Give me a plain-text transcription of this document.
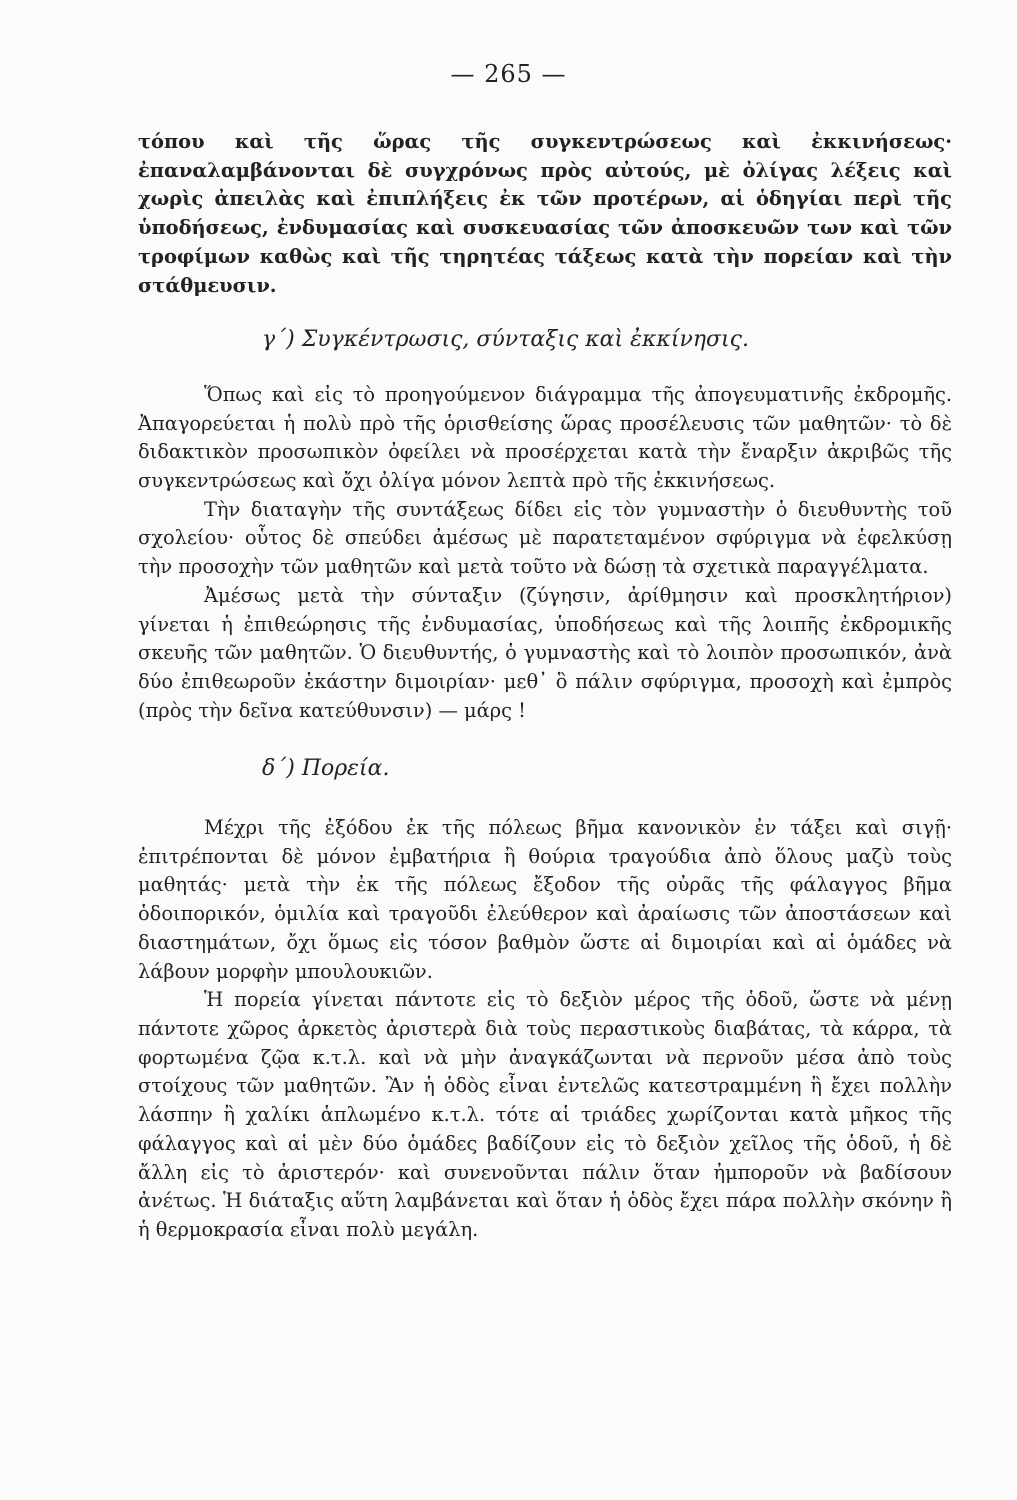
— 265 —

τόπου καὶ τῆς ὥρας τῆς συγκεντρώσεως καὶ ἐκκινήσεως· ἐπαναλαμβάνονται δὲ συγχρόνως πρὸς αὐτούς, μὲ ὀλίγας λέξεις καὶ χωρὶς ἀπειλὰς καὶ ἐπιπλήξεις ἐκ τῶν προτέρων, αἱ ὁδηγίαι περὶ τῆς ὑποδήσεως, ἐνδυμασίας καὶ συσκευασίας τῶν ἀποσκευῶν των καὶ τῶν τροφίμων καθὼς καὶ τῆς τηρητέας τάξεως κατὰ τὴν πορείαν καὶ τὴν στάθμευσιν.

γ΄) Συγκέντρωσις, σύνταξις καὶ ἐκκίνησις.

Ὅπως καὶ εἰς τὸ προηγούμενον διάγραμμα τῆς ἀπογευματινῆς ἐκδρομῆς. Ἀπαγορεύεται ἡ πολὺ πρὸ τῆς ὁρισθείσης ὥρας προσέλευσις τῶν μαθητῶν· τὸ δὲ διδακτικὸν προσωπικὸν ὀφείλει νὰ προσέρχεται κατὰ τὴν ἔναρξιν ἀκριβῶς τῆς συγκεντρώσεως καὶ ὄχι ὀλίγα μόνον λεπτὰ πρὸ τῆς ἐκκινήσεως.

Τὴν διαταγὴν τῆς συντάξεως δίδει εἰς τὸν γυμναστὴν ὁ διευθυντὴς τοῦ σχολείου· οὗτος δὲ σπεύδει ἀμέσως μὲ παρατεταμένον σφύριγμα νὰ ἑφελκύσῃ τὴν προσοχὴν τῶν μαθητῶν καὶ μετὰ τοῦτο νὰ δώσῃ τὰ σχετικὰ παραγγέλματα.

Ἀμέσως μετὰ τὴν σύνταξιν (ζύγησιν, ἀρίθμησιν καὶ προσκλητήριον) γίνεται ἡ ἐπιθεώρησις τῆς ἐνδυμασίας, ὑποδήσεως καὶ τῆς λοιπῆς ἐκδρομικῆς σκευῆς τῶν μαθητῶν. Ὁ διευθυντής, ὁ γυμναστὴς καὶ τὸ λοιπὸν προσωπικόν, ἀνὰ δύο ἐπιθεωροῦν ἑκάστην διμοιρίαν· μεθ᾿ ὃ πάλιν σφύριγμα, προσοχὴ καὶ ἐμπρὸς (πρὸς τὴν δεῖνα κατεύθυνσιν) — μάρς !

δ΄) Πορεία.

Μέχρι τῆς ἐξόδου ἐκ τῆς πόλεως βῆμα κανονικὸν ἐν τάξει καὶ σιγῇ· ἐπιτρέπονται δὲ μόνον ἐμβατήρια ἢ θούρια τραγούδια ἀπὸ ὅλους μαζὺ τοὺς μαθητάς· μετὰ τὴν ἐκ τῆς πόλεως ἔξοδον τῆς οὐρᾶς τῆς φάλαγγος βῆμα ὁδοιπορικόν, ὁμιλία καὶ τραγοῦδι ἐλεύθερον καὶ ἀραίωσις τῶν ἀποστάσεων καὶ διαστημάτων, ὄχι ὅμως εἰς τόσον βαθμὸν ὥστε αἱ διμοιρίαι καὶ αἱ ὁμάδες νὰ λάβουν μορφὴν μπουλουκιῶν.

Ἡ πορεία γίνεται πάντοτε εἰς τὸ δεξιὸν μέρος τῆς ὁδοῦ, ὥστε νὰ μένῃ πάντοτε χῶρος ἀρκετὸς ἀριστερὰ διὰ τοὺς περαστικοὺς διαβάτας, τὰ κάρρα, τὰ φορτωμένα ζῷα κ.τ.λ. καὶ νὰ μὴν ἀναγκάζωνται νὰ περνοῦν μέσα ἀπὸ τοὺς στοίχους τῶν μαθητῶν. Ἂν ἡ ὁδὸς εἶναι ἐντελῶς κατεστραμμένη ἢ ἔχει πολλὴν λάσπην ἢ χαλίκι ἁπλωμένο κ.τ.λ. τότε αἱ τριάδες χωρίζονται κατὰ μῆκος τῆς φάλαγγος καὶ αἱ μὲν δύο ὁμάδες βαδίζουν εἰς τὸ δεξιὸν χεῖλος τῆς ὁδοῦ, ἡ δὲ ἄλλη εἰς τὸ ἀριστερόν· καὶ συνενοῦνται πάλιν ὅταν ἠμποροῦν νὰ βαδίσουν ἀνέτως. Ἡ διάταξις αὕτη λαμβάνεται καὶ ὅταν ἡ ὁδὸς ἔχει πάρα πολλὴν σκόνην ἢ ἡ θερμοκρασία εἶναι πολὺ μεγάλη.
